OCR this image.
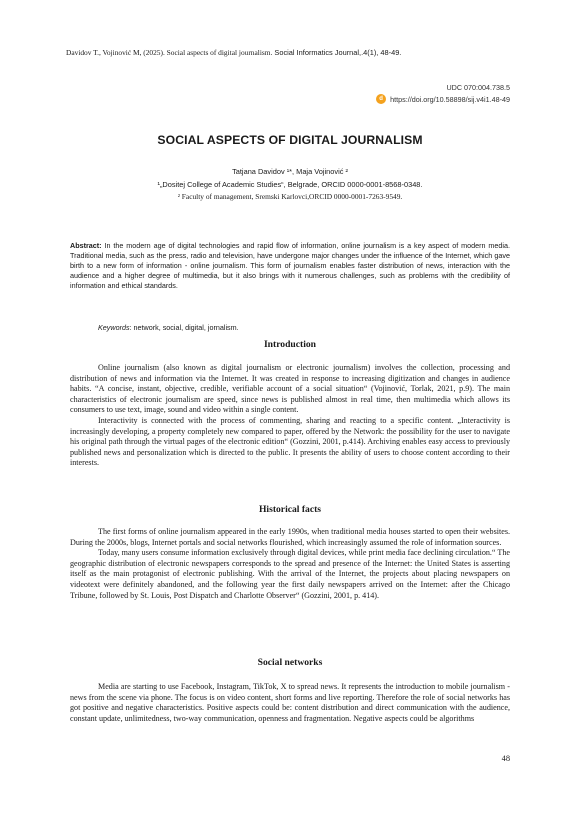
Davidov T., Vojinović M, (2025). Social aspects of digital journalism. Social Informatics Journal,.4(1), 48-49.
UDC 070:004.738.5
d https://doi.org/10.58898/sij.v4i1.48-49
SOCIAL ASPECTS OF DIGITAL JOURNALISM
Tatjana Davidov ¹*, Maja Vojinović ²
¹„Dositej College of Academic Studies“, Belgrade, ORCID 0000-0001-8568-0348.
² Faculty of management, Sremski Karlovci,ORCID 0000-0001-7263-9549.
Abstract: In the modern age of digital technologies and rapid flow of information, online journalism is a key aspect of modern media. Traditional media, such as the press, radio and television, have undergone major changes under the influence of the Internet, which gave birth to a new form of information - online journalism. This form of journalism enables faster distribution of news, interaction with the audience and a higher degree of multimedia, but it also brings with it numerous challenges, such as problems with the credibility of information and ethical standards.
Keywords: network, social, digital, jornalism.
Introduction

Online journalism (also known as digital journalism or electronic journalism) involves the collection, processing and distribution of news and information via the Internet. It was created in response to increasing digitization and changes in audience habits. “A concise, instant, objective, credible, verifiable account of a social situation“ (Vojinović, Torlak, 2021, p.9). The main characteristics of electronic journalism are speed, since news is published almost in real time, then multimedia which allows its consumers to use text, image, sound and video within a single content.

Interactivity is connected with the process of commenting, sharing and reacting to a specific content. „Interactivity is increasingly developing, a property completely new compared to paper, offered by the Network: the possibility for the user to navigate his original path through the virtual pages of the electronic edition“ (Gozzini, 2001, p.414). Archiving enables easy access to previously published news and personalization which is directed to the public. It presents the ability of users to choose content according to their interests.

Historical facts

The first forms of online journalism appeared in the early 1990s, when traditional media houses started to open their websites. During the 2000s, blogs, Internet portals and social networks flourished, which increasingly assumed the role of information sources.

Today, many users consume information exclusively through digital devices, while print media face declining circulation.“ The geographic distribution of electronic newspapers corresponds to the spread and presence of the Internet: the United States is asserting itself as the main protagonist of electronic publishing. With the arrival of the Internet, the projects about placing newspapers on videotext were definitely abandoned, and the following year the first daily newspapers arrived on the Internet: after the Chicago Tribune, followed by St. Louis, Post Dispatch and Charlotte Observer“ (Gozzini, 2001, p. 414).

Social networks

Media are starting to use Facebook, Instagram, TikTok, X to spread news. It represents the introduction to mobile journalism - news from the scene via phone. The focus is on video content, short forms and live reporting. Therefore the role of social networks has got positive and negative characteristics. Positive aspects could be: content distribution and direct communication with the audience, constant update, unlimitedness, two-way communication, openness and fragmentation. Negative aspects could be algorithms

48
